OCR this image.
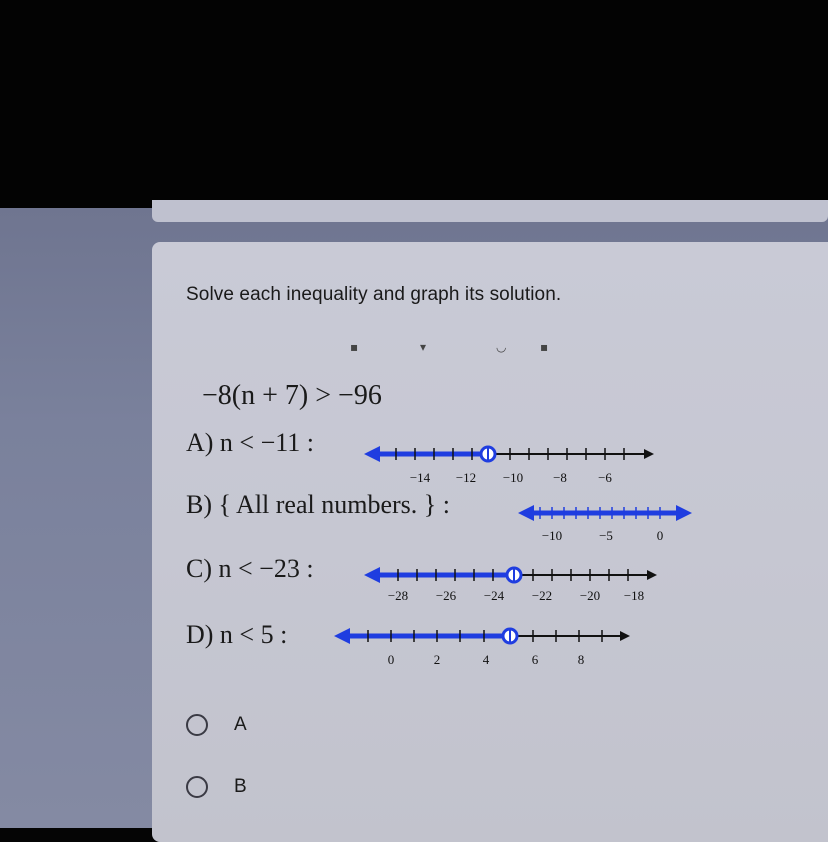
Solve each inequality and graph its solution.
▪	▾	◡	▪
−8(n + 7) > −96
A) n < −11 :
B) { All real numbers. } :
C) n < −23 :
D) n < 5 :
−14 −12 −10 −8 −6
−10	−5	0
−28 −26 −24 −22 −20 −18
0	2	4	6	8
A
B
